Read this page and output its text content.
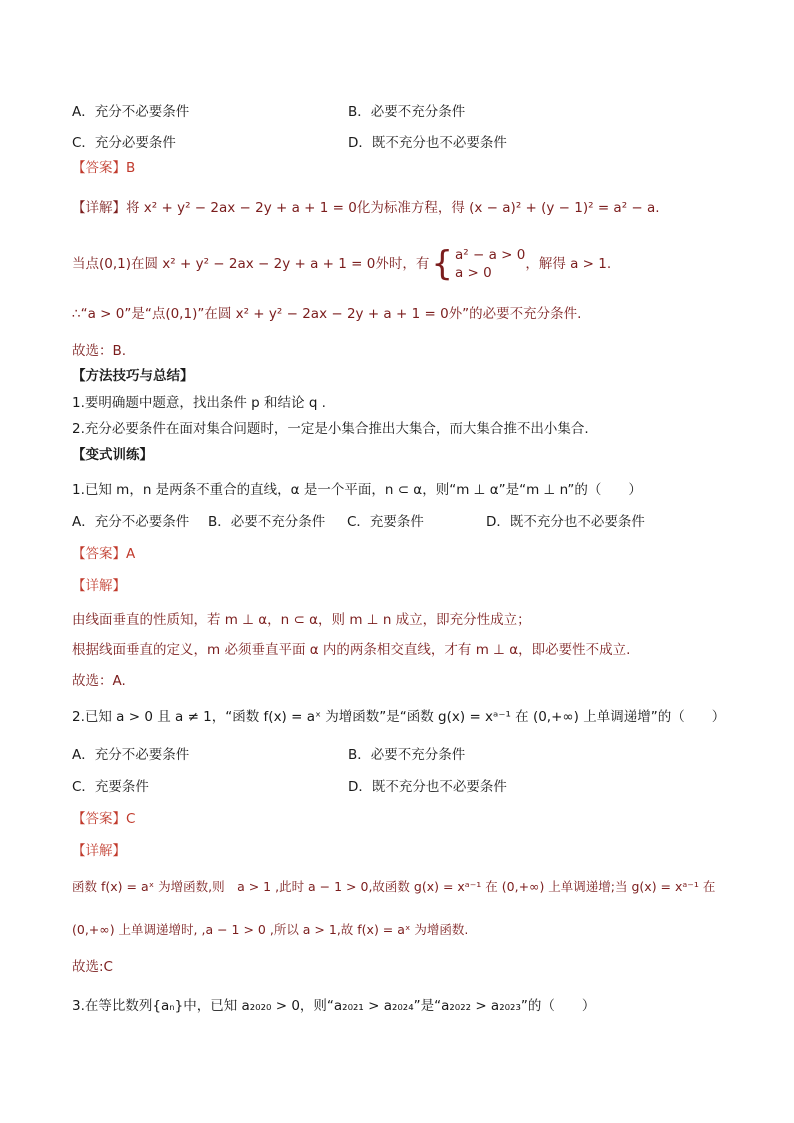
A．充分不必要条件	B．必要不充分条件
C．充分必要条件	D．既不充分也不必要条件
【答案】B
【详解】将 x² + y² − 2ax − 2y + a + 1 = 0化为标准方程，得 (x − a)² + (y − 1)² = a² − a.
当点(0,1)在圆 x² + y² − 2ax − 2y + a + 1 = 0外时，有{ a² − a > 0
a > 0
，解得 a > 1.
∴“a > 0”是“点(0,1)”在圆 x² + y² − 2ax − 2y + a + 1 = 0外”的必要不充分条件.
故选：B.
【方法技巧与总结】
1.要明确题中题意，找出条件 p 和结论 q .
2.充分必要条件在面对集合问题时，一定是小集合推出大集合，而大集合推不出小集合.
【变式训练】
1.已知 m，n 是两条不重合的直线，α 是一个平面，n ⊂ α，则“m ⊥ α”是“m ⊥ n”的（　　）
A．充分不必要条件 B．必要不充分条件 C．充要条件	D．既不充分也不必要条件
【答案】A
【详解】
由线面垂直的性质知，若 m ⊥ α，n ⊂ α，则 m ⊥ n 成立，即充分性成立；
根据线面垂直的定义，m 必须垂直平面 α 内的两条相交直线，才有 m ⊥ α，即必要性不成立.
故选：A.
2.已知 a > 0 且 a ≠ 1，“函数 f(x) = aˣ 为增函数”是“函数 g(x) = xᵃ⁻¹ 在 (0,+∞) 上单调递增”的（　　）
A．充分不必要条件	B．必要不充分条件
C．充要条件	D．既不充分也不必要条件
【答案】C
【详解】
函数 f(x) = aˣ 为增函数,则　a > 1 ,此时 a − 1 > 0,故函数 g(x) = xᵃ⁻¹ 在 (0,+∞) 上单调递增;当 g(x) = xᵃ⁻¹ 在
(0,+∞) 上单调递增时, ,a − 1 > 0 ,所以 a > 1,故 f(x) = aˣ 为增函数.
故选:C
3.在等比数列{aₙ}中，已知 a₂₀₂₀ > 0，则“a₂₀₂₁ > a₂₀₂₄”是“a₂₀₂₂ > a₂₀₂₃”的（　　）
